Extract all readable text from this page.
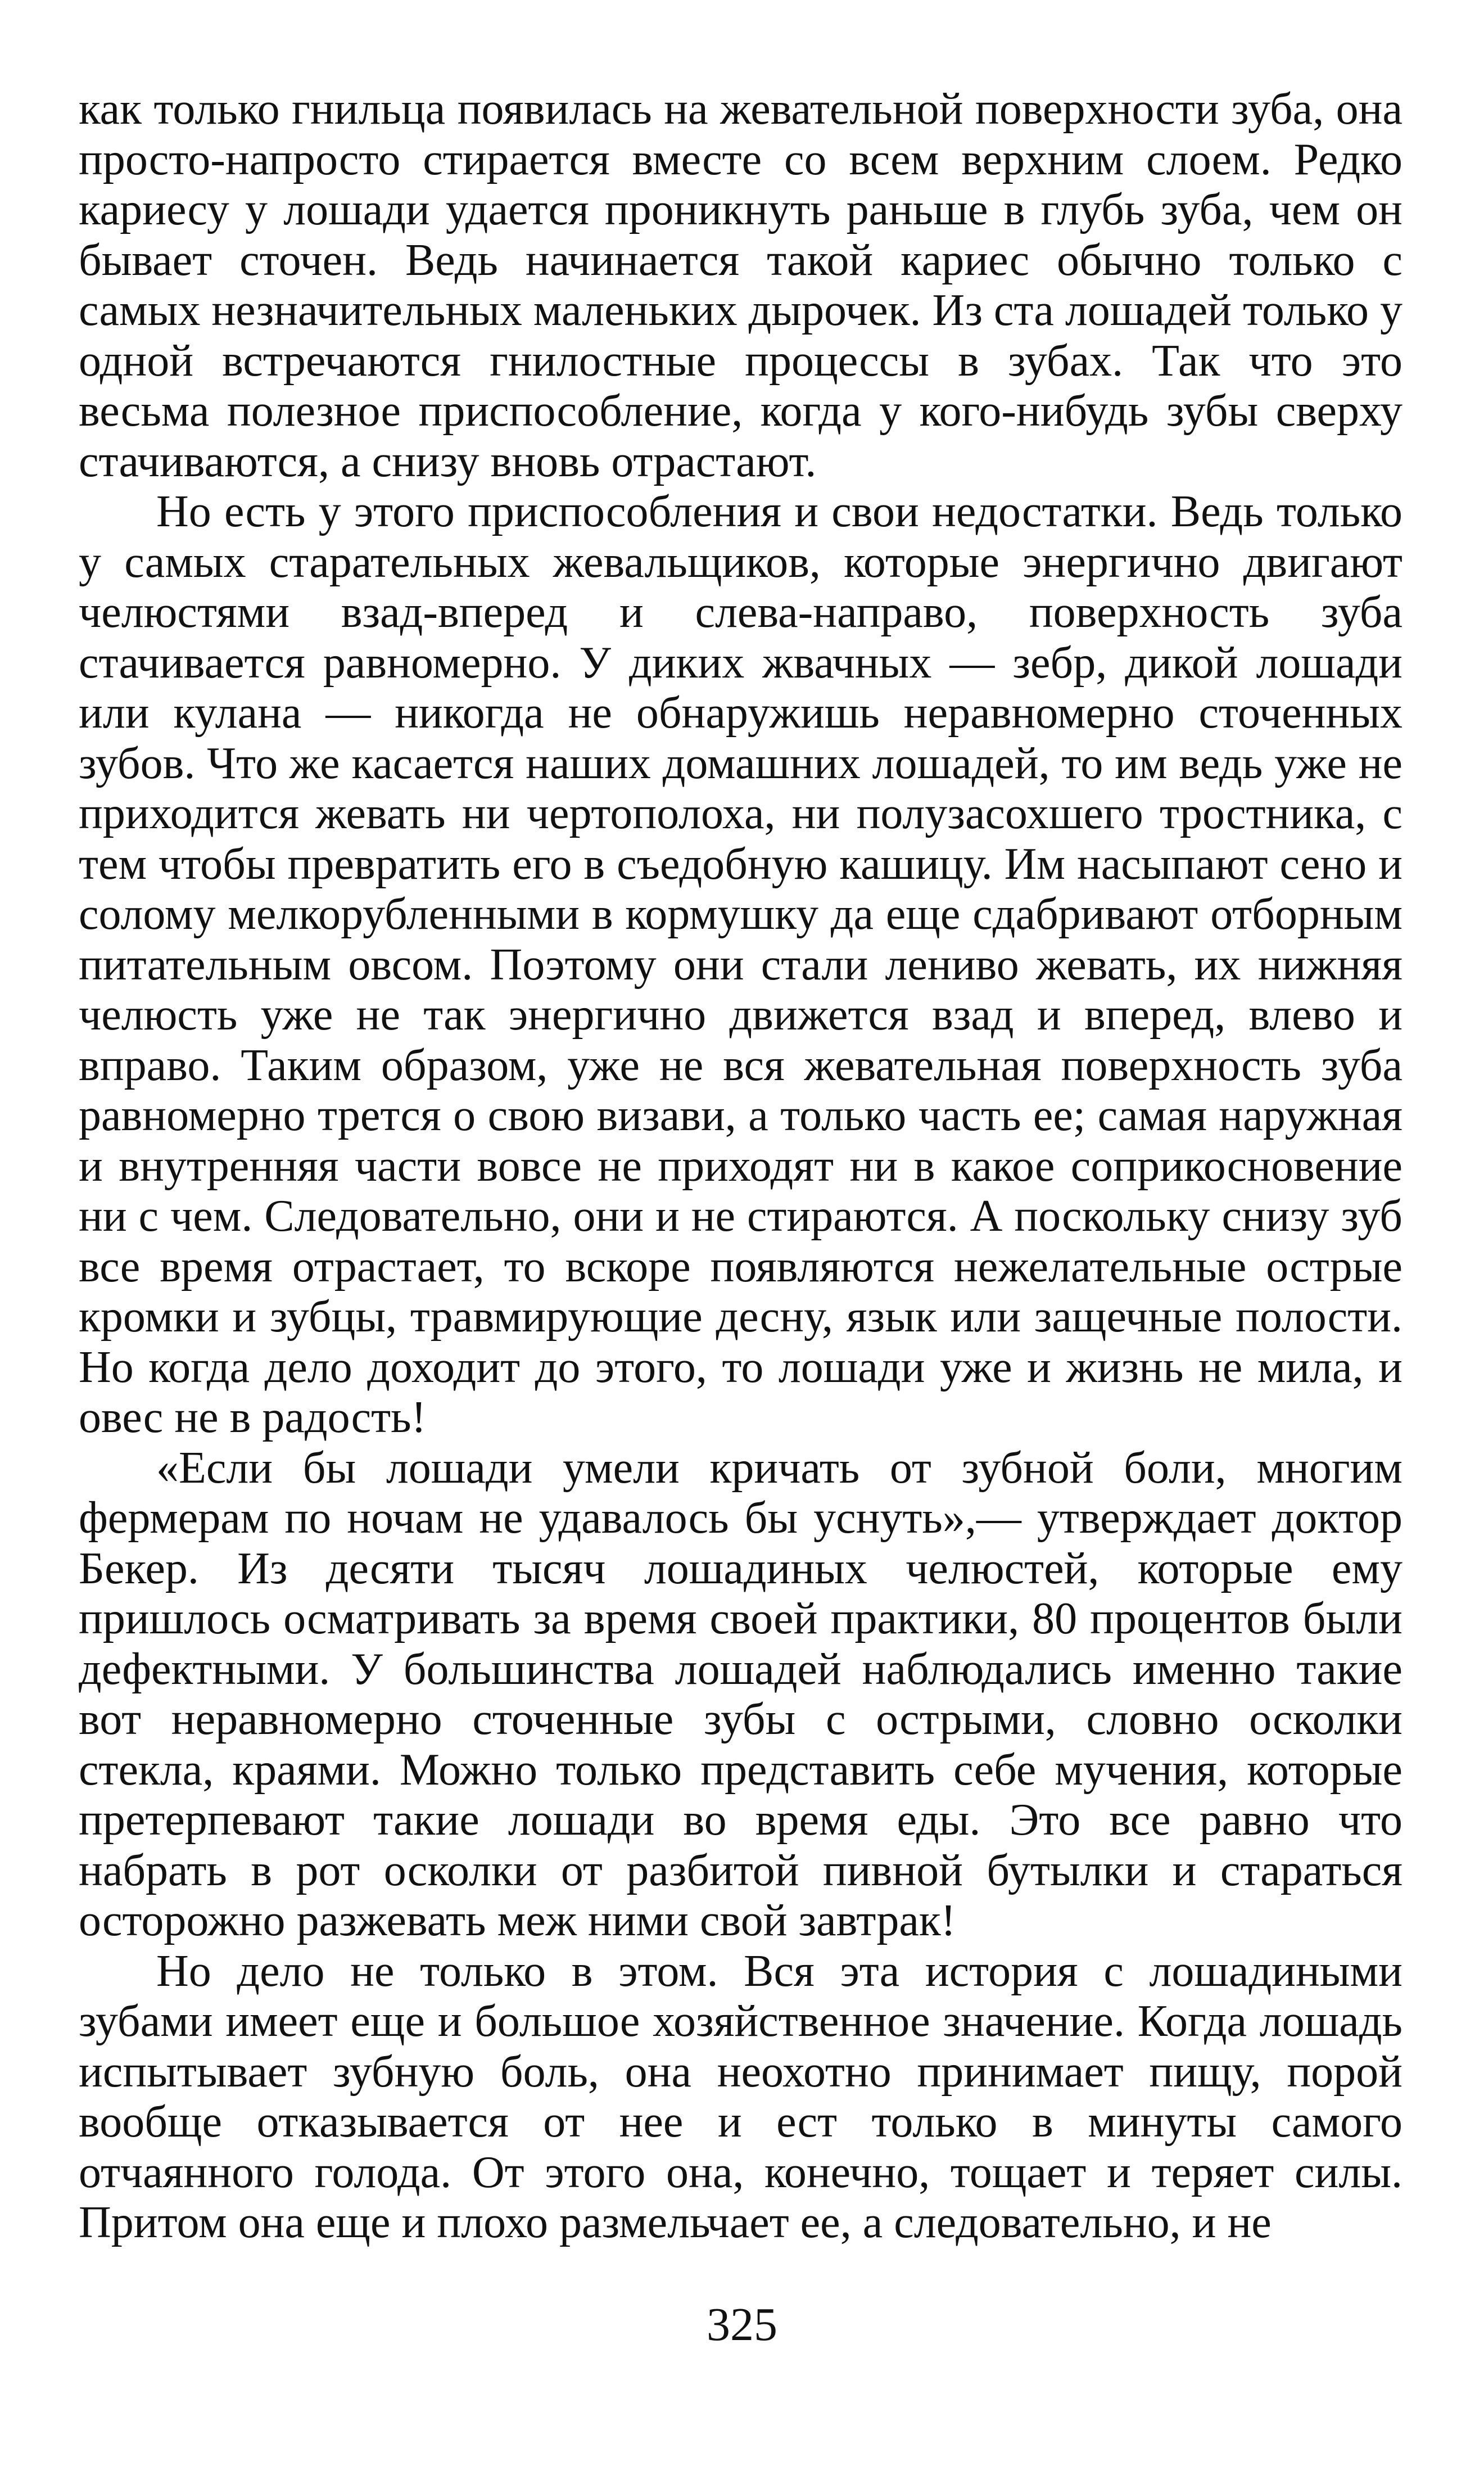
как только гнильца появилась на жевательной поверхности зуба, она просто-напросто стирается вместе со всем верхним слоем. Редко кариесу у лошади удается проникнуть раньше в глубь зуба, чем он бывает сточен. Ведь начинается такой кариес обычно только с самых незначительных маленьких дырочек. Из ста лошадей только у одной встречаются гнилостные процессы в зубах. Так что это весьма полезное приспособление, когда у кого-нибудь зубы сверху стачиваются, а снизу вновь отрастают.

Но есть у этого приспособления и свои недостатки. Ведь только у самых старательных жевальщиков, которые энергично двигают челюстями взад-вперед и слева-направо, поверхность зуба стачивается равномерно. У диких жвачных — зебр, дикой лошади или кулана — никогда не обнаружишь неравномерно сточенных зубов. Что же касается наших домашних лошадей, то им ведь уже не приходится жевать ни чертополоха, ни полузасохшего тростника, с тем чтобы превратить его в съедобную кашицу. Им насыпают сено и солому мелкорубленными в кормушку да еще сдабривают отборным питательным овсом. Поэтому они стали лениво жевать, их нижняя челюсть уже не так энергично движется взад и вперед, влево и вправо. Таким образом, уже не вся жевательная поверхность зуба равномерно трется о свою визави, а только часть ее; самая наружная и внутренняя части вовсе не приходят ни в какое соприкосновение ни с чем. Следовательно, они и не стираются. А поскольку снизу зуб все время отрастает, то вскоре появляются нежелательные острые кромки и зубцы, травмирующие десну, язык или защечные полости. Но когда дело доходит до этого, то лошади уже и жизнь не мила, и овес не в радость!

«Если бы лошади умели кричать от зубной боли, многим фермерам по ночам не удавалось бы уснуть»,— утверждает доктор Бекер. Из десяти тысяч лошадиных челюстей, которые ему пришлось осматривать за время своей практики, 80 процентов были дефектными. У большинства лошадей наблюдались именно такие вот неравномерно сточенные зубы с острыми, словно осколки стекла, краями. Можно только представить себе мучения, которые претерпевают такие лошади во время еды. Это все равно что набрать в рот осколки от разбитой пивной бутылки и стараться осторожно разжевать меж ними свой завтрак!

Но дело не только в этом. Вся эта история с лошадиными зубами имеет еще и большое хозяйственное значение. Когда лошадь испытывает зубную боль, она неохотно принимает пищу, порой вообще отказывается от нее и ест только в минуты самого отчаянного голода. От этого она, конечно, тощает и теряет силы. Притом она еще и плохо размельчает ее, а следовательно, и не

325
